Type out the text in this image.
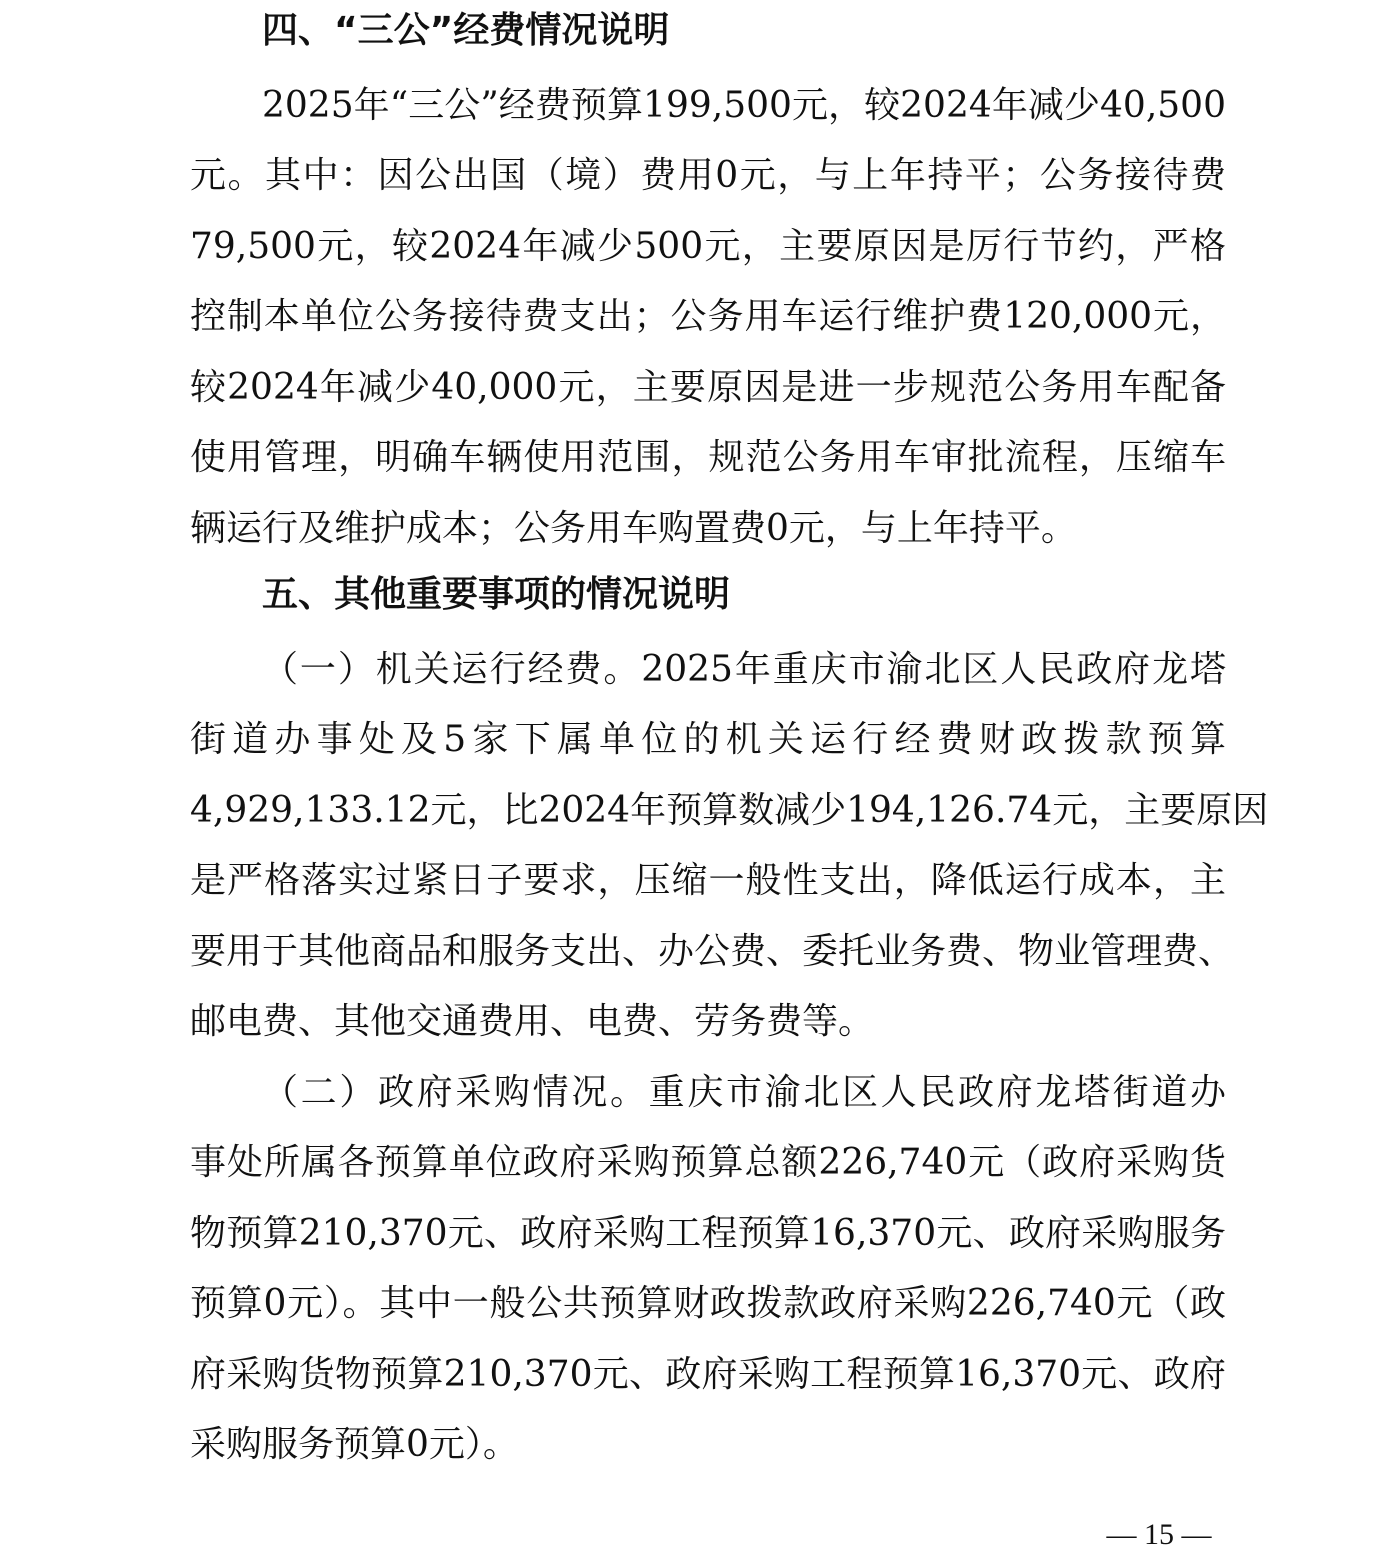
四、“三公”经费情况说明
2025年“三公”经费预算199,500元，较2024年减少40,500
元。其中：因公出国（境）费用0元，与上年持平；公务接待费
79,500元，较2024年减少500元，主要原因是厉行节约，严格
控制本单位公务接待费支出；公务用车运行维护费120,000元，
较2024年减少40,000元，主要原因是进一步规范公务用车配备
使用管理，明确车辆使用范围，规范公务用车审批流程，压缩车
辆运行及维护成本；公务用车购置费0元，与上年持平。
五、其他重要事项的情况说明
（一）机关运行经费。2025年重庆市渝北区人民政府龙塔
街道办事处及5家下属单位的机关运行经费财政拨款预算
4,929,133.12元，比2024年预算数减少194,126.74元，主要原因
是严格落实过紧日子要求，压缩一般性支出，降低运行成本，主
要用于其他商品和服务支出、办公费、委托业务费、物业管理费、
邮电费、其他交通费用、电费、劳务费等。
（二）政府采购情况。重庆市渝北区人民政府龙塔街道办
事处所属各预算单位政府采购预算总额226,740元（政府采购货
物预算210,370元、政府采购工程预算16,370元、政府采购服务
预算0元）。其中一般公共预算财政拨款政府采购226,740元（政
府采购货物预算210,370元、政府采购工程预算16,370元、政府
采购服务预算0元）。
— 15 —
